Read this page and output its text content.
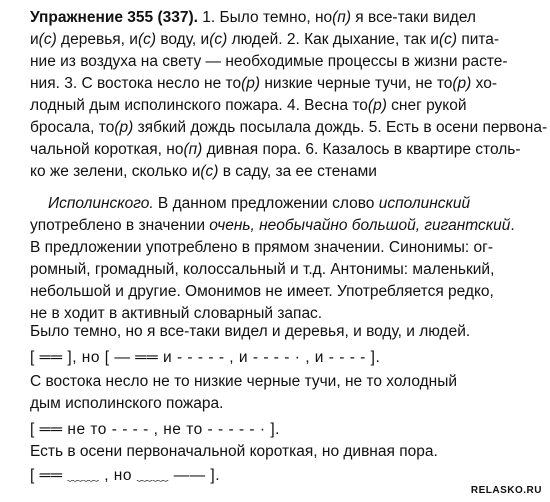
Упражнение 355 (337). 1. Было темно, но(п) я все-таки видел
и(с) деревья, и(с) воду, и(с) людей. 2. Как дыхание, так и(с) пита-
ние из воздуха на свету — необходимые процессы в жизни расте-
ния. 3. С востока несло не то(р) низкие черные тучи, не то(р) хо-
лодный дым исполинского пожара. 4. Весна то(р) снег рукой
бросала, то(р) зябкий дождь посылала дождь. 5. Есть в осени первона-
чальной короткая, но(п) дивная пора. 6. Казалось в квартире столь-
ко же зелени, сколько и(с) в саду, за ее стенами
Исполинского. В данном предложении слово исполинский
употреблено в значении очень, необычайно большой, гигантский.
В предложении употреблено в прямом значении. Синонимы: ог-
ромный, громадный, колоссальный и т.д. Антонимы: маленький,
небольшой и другие. Омонимов не имеет. Употребляется редко,
не в ходит в активный словарный запас.
Было темно, но я все-таки видел и деревья, и воду, и людей.
[ ══ ], но [ — ══ и ‑ ‑ ‑ ‑ ‑ , и ‑ ‑ ‑ ‑ · , и ‑ ‑ ‑ ‑ ].
С востока несло не то низкие черные тучи, не то холодный
дым исполинского пожара.
[ ══ не то ‑ ‑ ‑ ‑ , не то ‑ ‑ ‑ ‑ ‑ · ].
Есть в осени первоначальной короткая, но дивная пора.
[ ══ ﹏﹏ , но ﹏﹏ —— ].
RELASKO.RU
